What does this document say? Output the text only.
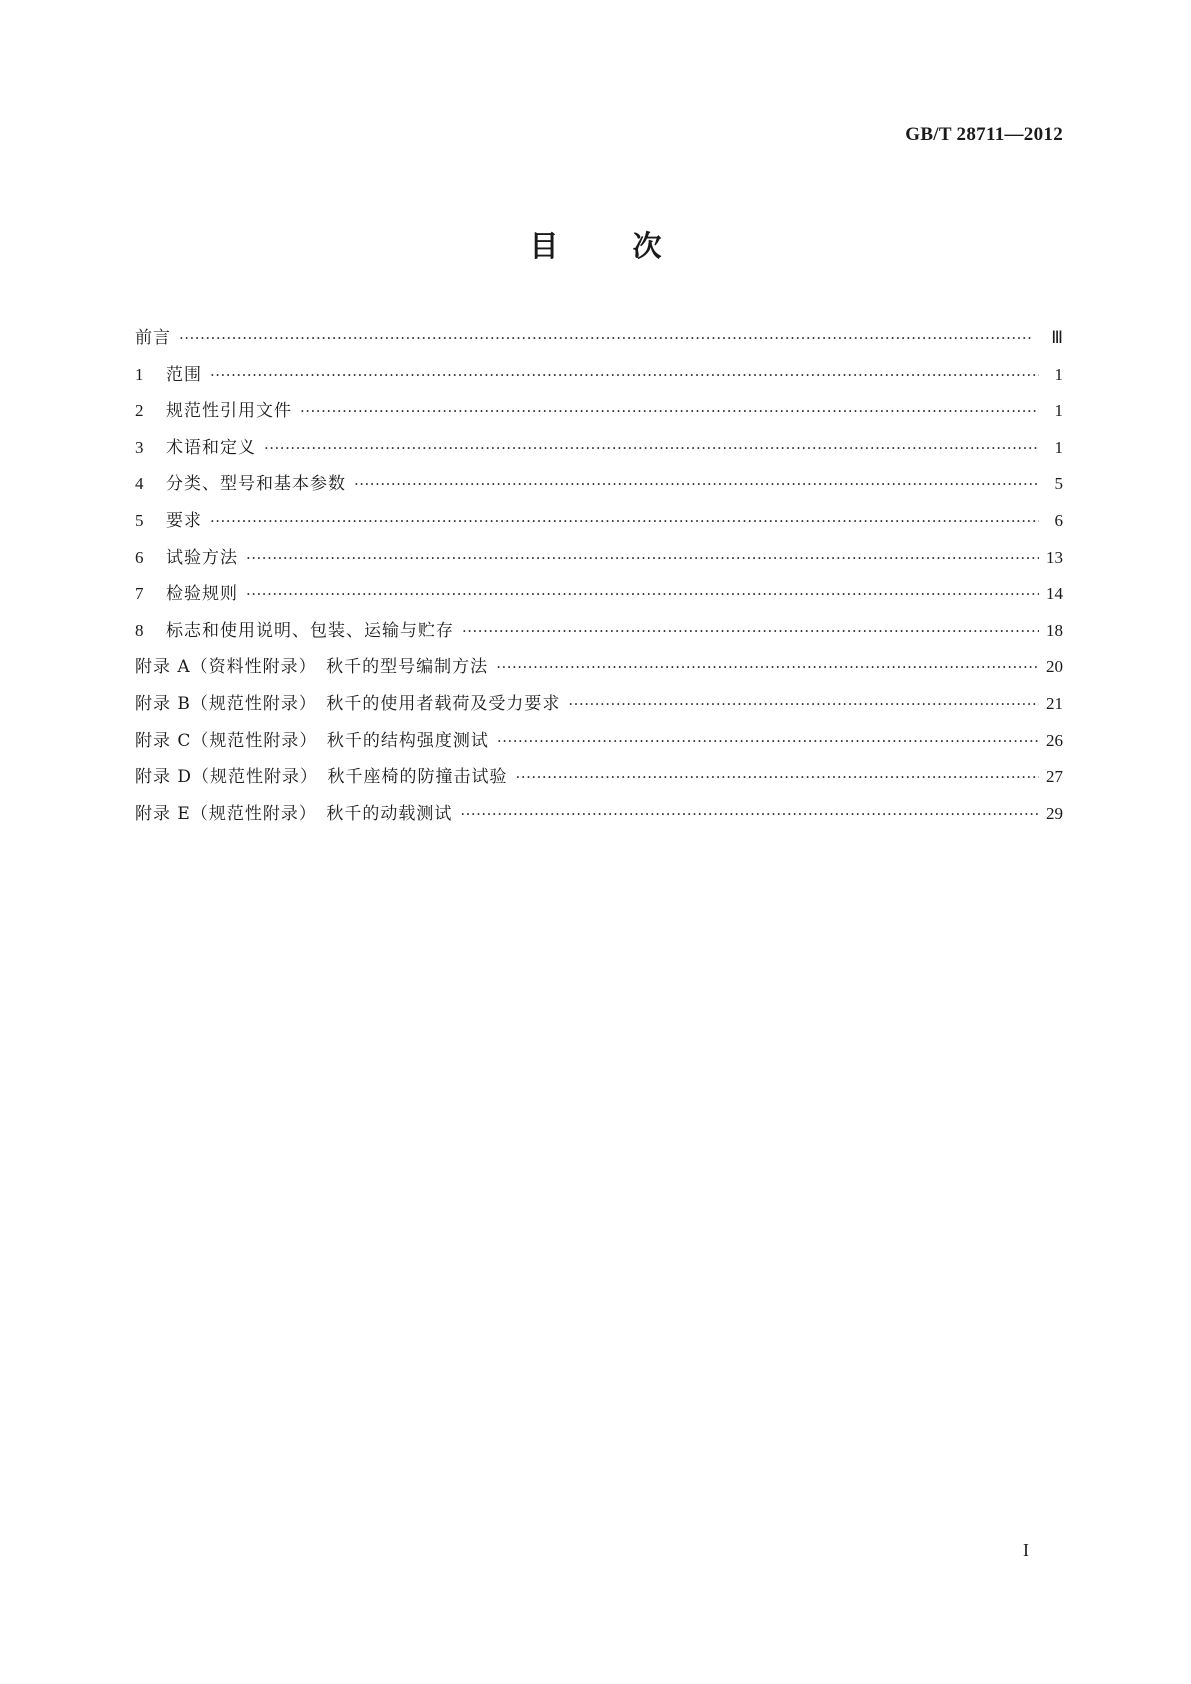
GB/T 28711—2012
目	次
前言 ·····	Ⅲ
1 范围 ·····	1
2 规范性引用文件 ·····	1
3 术语和定义 ·····	1
4 分类、型号和基本参数 ·····	5
5 要求 ·····	6
6 试验方法 ·····	13
7 检验规则 ·····	14
8 标志和使用说明、包装、运输与贮存 ·····	18
附录 A（资料性附录）　秋千的型号编制方法 ·····	20
附录 B（规范性附录）　秋千的使用者载荷及受力要求 ·····	21
附录 C（规范性附录）　秋千的结构强度测试 ·····	26
附录 D（规范性附录）　秋千座椅的防撞击试验 ·····	27
附录 E（规范性附录）　秋千的动载测试 ·····	29
I
